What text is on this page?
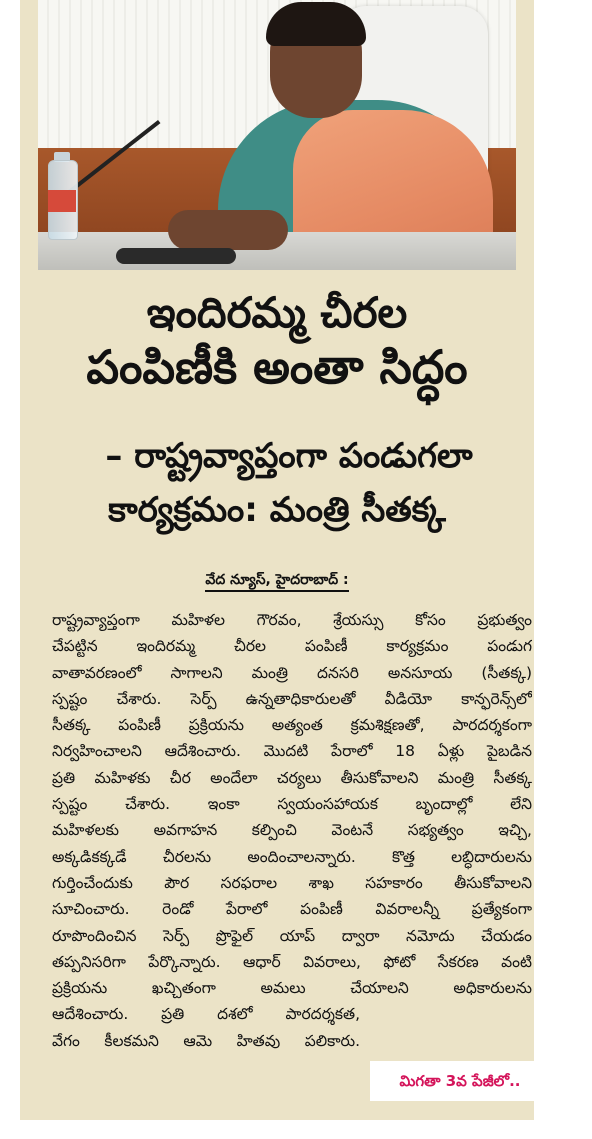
ఇందిరమ్మ చీరల
పంపిణీకి అంతా సిద్ధం
– రాష్ట్రవ్యాప్తంగా పండుగలా
కార్యక్రమం: మంత్రి సీతక్క

వేద న్యూస్, హైదరాబాద్ :

రాష్ట్రవ్యాప్తంగా మహిళల గౌరవం, శ్రేయస్సు కోసం ప్రభుత్వం
చేపట్టిన ఇందిరమ్మ చీరల పంపిణీ కార్యక్రమం పండుగ
వాతావరణంలో సాగాలని మంత్రి దనసరి అనసూయ (సీతక్క)
స్పష్టం చేశారు. సెర్ప్ ఉన్నతాధికారులతో వీడియో కాన్ఫరెన్స్‌లో
సీతక్క పంపిణీ ప్రక్రియను అత్యంత క్రమశిక్షణతో, పారదర్శకంగా
నిర్వహించాలని ఆదేశించారు. మొదటి పేరాలో 18 ఏళ్లు పైబడిన
ప్రతి మహిళకు చీర అందేలా చర్యలు తీసుకోవాలని మంత్రి సీతక్క
స్పష్టం చేశారు. ఇంకా స్వయంసహాయక బృందాల్లో లేని
మహిళలకు అవగాహన కల్పించి వెంటనే సభ్యత్వం ఇచ్చి,
అక్కడికక్కడే చీరలను అందించాలన్నారు. కొత్త లబ్ధిదారులను
గుర్తించేందుకు పౌర సరఫరాల శాఖ సహకారం తీసుకోవాలని
సూచించారు. రెండో పేరాలో పంపిణీ వివరాలన్నీ ప్రత్యేకంగా
రూపొందించిన సెర్ప్ ప్రొఫైల్ యాప్ ద్వారా నమోదు చేయడం
తప్పనిసరిగా పేర్కొన్నారు. ఆధార్ వివరాలు, ఫోటో సేకరణ వంటి
ప్రక్రియను ఖచ్చితంగా అమలు చేయాలని అధికారులను
ఆదేశించారు. ప్రతి దశలో పారదర్శకత,
వేగం కీలకమని ఆమె హితవు పలికారు.
మిగతా 3వ పేజీలో..
